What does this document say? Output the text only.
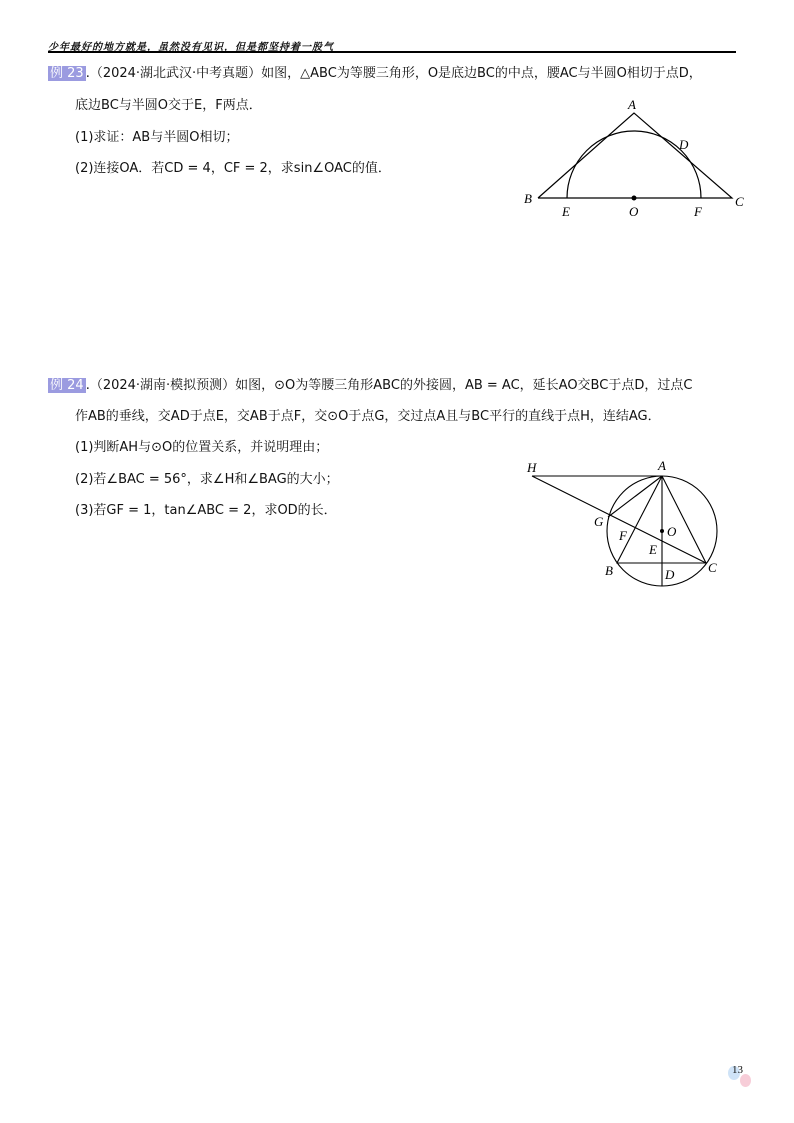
少年最好的地方就是，虽然没有见识，但是都坚持着一股气
例 23 .（2024·湖北武汉·中考真题）如图，△ABC为等腰三角形，O是底边BC的中点，腰AC与半圆O相切于点D，
底边BC与半圆O交于E，F两点．
(1)求证：AB与半圆O相切；
(2)连接OA．若CD = 4，CF = 2，求sin∠OAC的值．
A
B	C
D
E	O	F
H	A
G
O
F
E
B	D	C
例 24 .（2024·湖南·模拟预测）如图，⊙O为等腰三角形ABC的外接圆，AB = AC，延长AO交BC于点D，过点C
作AB的垂线，交AD于点E，交AB于点F，交⊙O于点G，交过点A且与BC平行的直线于点H，连结AG．
(1)判断AH与⊙O的位置关系，并说明理由；
(2)若∠BAC = 56°，求∠H和∠BAG的大小；
(3)若GF = 1，tan∠ABC = 2，求OD的长．
13
